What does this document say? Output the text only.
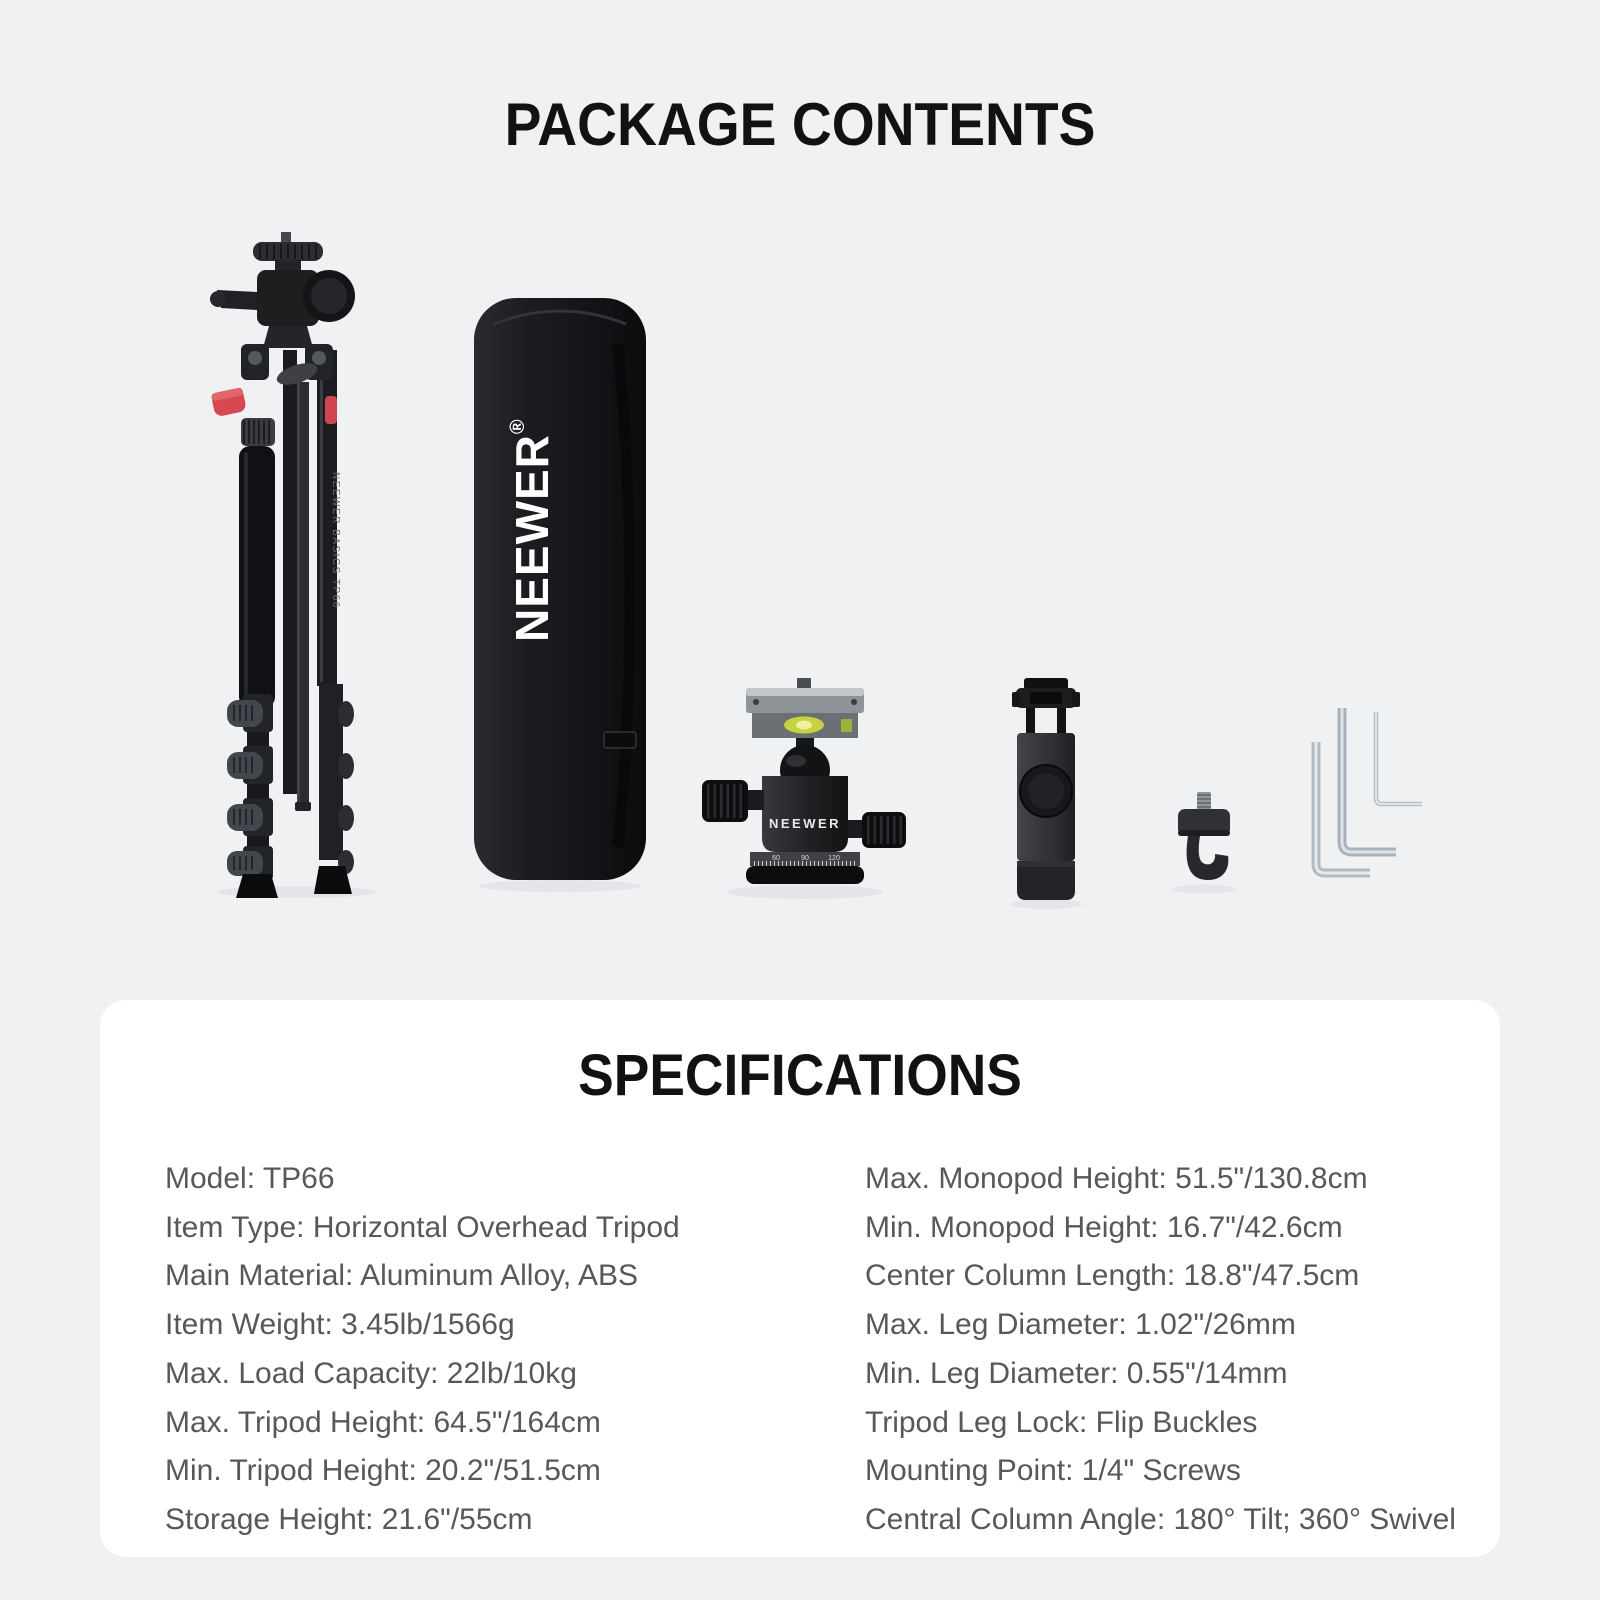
PACKAGE CONTENTS
NEEWER BASICS TP66	NEEWER®
NEEWER
60	90	120
SPECIFICATIONS
Model: TP66
Item Type: Horizontal Overhead Tripod
Main Material: Aluminum Alloy, ABS
Item Weight: 3.45lb/1566g
Max. Load Capacity: 22lb/10kg
Max. Tripod Height: 64.5"/164cm
Min. Tripod Height: 20.2"/51.5cm
Storage Height: 21.6"/55cm
Max. Monopod Height: 51.5"/130.8cm
Min. Monopod Height: 16.7"/42.6cm
Center Column Length: 18.8"/47.5cm
Max. Leg Diameter: 1.02"/26mm
Min. Leg Diameter: 0.55"/14mm
Tripod Leg Lock: Flip Buckles
Mounting Point: 1/4" Screws
Central Column Angle: 180° Tilt; 360° Swivel
